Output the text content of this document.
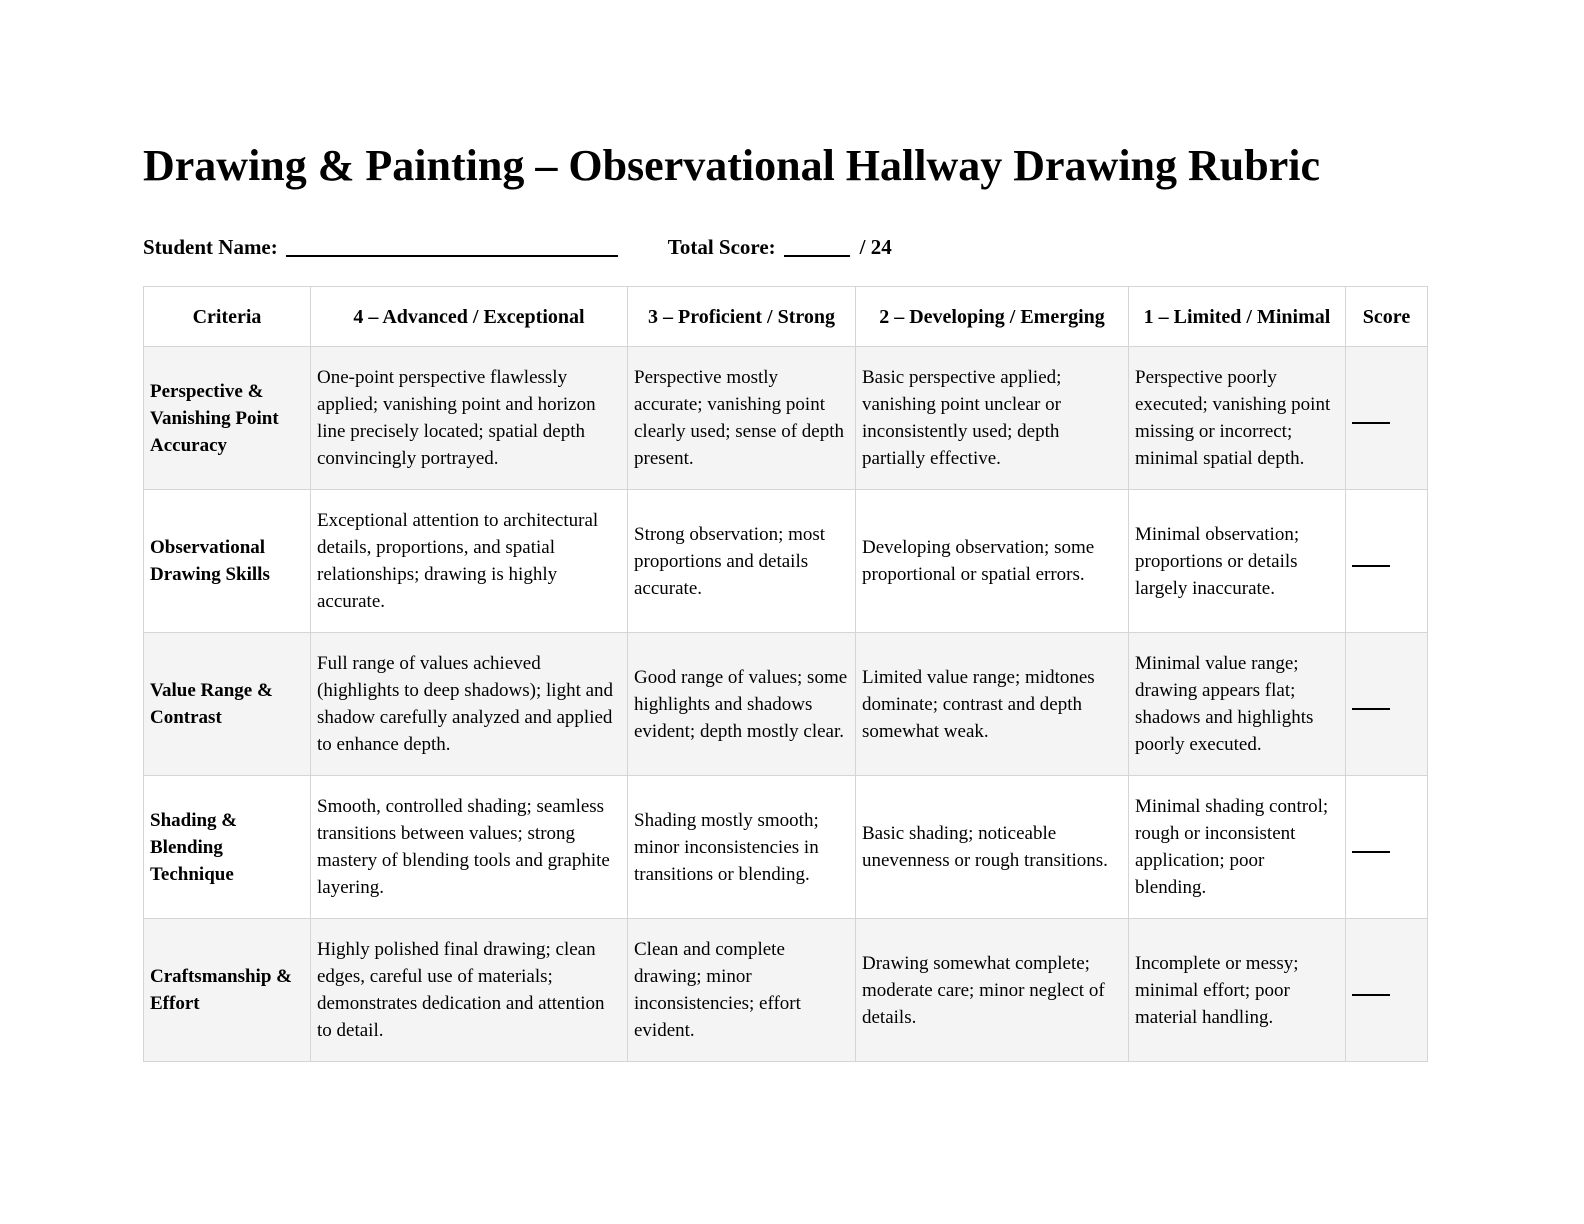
Drawing & Painting – Observational Hallway Drawing Rubric
Student Name:	Total Score:	/ 24
Criteria	4 – Advanced / Exceptional	3 – Proficient / Strong	2 – Developing / Emerging	1 – Limited / Minimal	Score
Perspective & Vanishing Point Accuracy	One-point perspective flawlessly applied; vanishing point and horizon line precisely located; spatial depth convincingly portrayed.	Perspective mostly accurate; vanishing point clearly used; sense of depth present.	Basic perspective applied; vanishing point unclear or inconsistently used; depth partially effective.	Perspective poorly executed; vanishing point missing or incorrect; minimal spatial depth.	
Observational Drawing Skills	Exceptional attention to architectural details, proportions, and spatial relationships; drawing is highly accurate.	Strong observation; most proportions and details accurate.	Developing observation; some proportional or spatial errors.	Minimal observation; proportions or details largely inaccurate.	
Value Range & Contrast	Full range of values achieved (highlights to deep shadows); light and shadow carefully analyzed and applied to enhance depth.	Good range of values; some highlights and shadows evident; depth mostly clear.	Limited value range; midtones dominate; contrast and depth somewhat weak.	Minimal value range; drawing appears flat; shadows and highlights poorly executed.	
Shading & Blending Technique	Smooth, controlled shading; seamless transitions between values; strong mastery of blending tools and graphite layering.	Shading mostly smooth; minor inconsistencies in transitions or blending.	Basic shading; noticeable unevenness or rough transitions.	Minimal shading control; rough or inconsistent application; poor blending.	
Craftsmanship & Effort	Highly polished final drawing; clean edges, careful use of materials; demonstrates dedication and attention to detail.	Clean and complete drawing; minor inconsistencies; effort evident.	Drawing somewhat complete; moderate care; minor neglect of details.	Incomplete or messy; minimal effort; poor material handling.	
